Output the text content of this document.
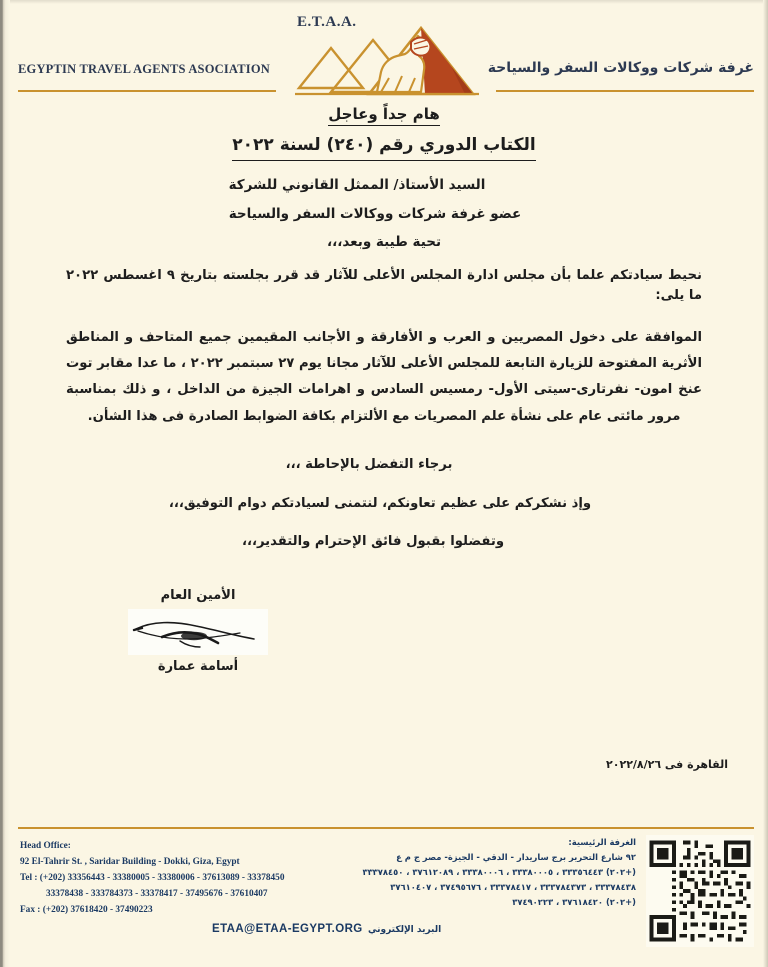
EGYPTIN TRAVEL AGENTS ASOCIATION	غرفة شركات ووكالات السفر والسياحة
E.T.A.A.
هام جداً وعاجل
الكتاب الدوري رقم (٢٤٠) لسنة ٢٠٢٢
السيد الأستاذ/ الممثل القانوني للشركة
عضو غرفة شركات ووكالات السفر والسياحة
تحية طيبة وبعد،،،
نحيط سيادتكم علما بأن مجلس ادارة المجلس الأعلى للآثار قد قرر بجلسته بتاريخ ٩ اغسطس ٢٠٢٢ ما يلى:
الموافقة على دخول المصريين و العرب و الأفارقة و الأجانب المقيمين جميع المتاحف و المناطق الأثرية المفتوحة للزيارة التابعة للمجلس الأعلى للآثار مجانا يوم ٢٧ سبتمبر ٢٠٢٢ ، ما عدا مقابر توت عنخ امون- نفرتارى-سيتى الأول- رمسيس السادس و اهرامات الجيزة من الداخل ، و ذلك بمناسبة مرور مائتى عام على نشأة علم المصريات مع الألتزام بكافة الضوابط الصادرة فى هذا الشأن.
برجاء التفضل بالإحاطة ،،،
وإذ نشكركم على عظيم تعاونكم، لنتمنى لسيادتكم دوام التوفيق،،،
وتفضلوا بقبول فائق الإحترام والتقدير،،،
الأمين العام
أسامة عمارة
القاهرة فى ٢٠٢٢/٨/٢٦
Head Office:
92 El-Tahrir St. , Saridar Building - Dokki, Giza, Egypt
Tel : (+202) 33356443 - 33380005 - 33380006 - 37613089 - 33378450
33378438 - 333784373 - 33378417 - 37495676 - 37610407
Fax : (+202) 37618420 - 37490223
الغرفة الرئيسية:
٩٢ شارع التحرير برج ساريدار - الدقي - الجيزة- مصر ج م ع
(+٢٠٢) ٣٣٣٥٦٤٤٣ ، ٣٣٣٨٠٠٠٥ ، ٣٣٣٨٠٠٠٦ ، ٣٧٦١٢٠٨٩ ، ٣٣٣٧٨٤٥٠
٣٣٣٧٨٤٣٨ ، ٣٣٣٧٨٤٣٧٣ ، ٣٣٣٧٨٤١٧ ، ٣٧٤٩٥٦٧٦ ، ٣٧٦١٠٤٠٧
(+٢٠٢) ٣٧٦١٨٤٢٠ ، ٣٧٤٩٠٢٢٣
ETAA@ETAA-EGYPT.ORG البريد الإلكتروني
